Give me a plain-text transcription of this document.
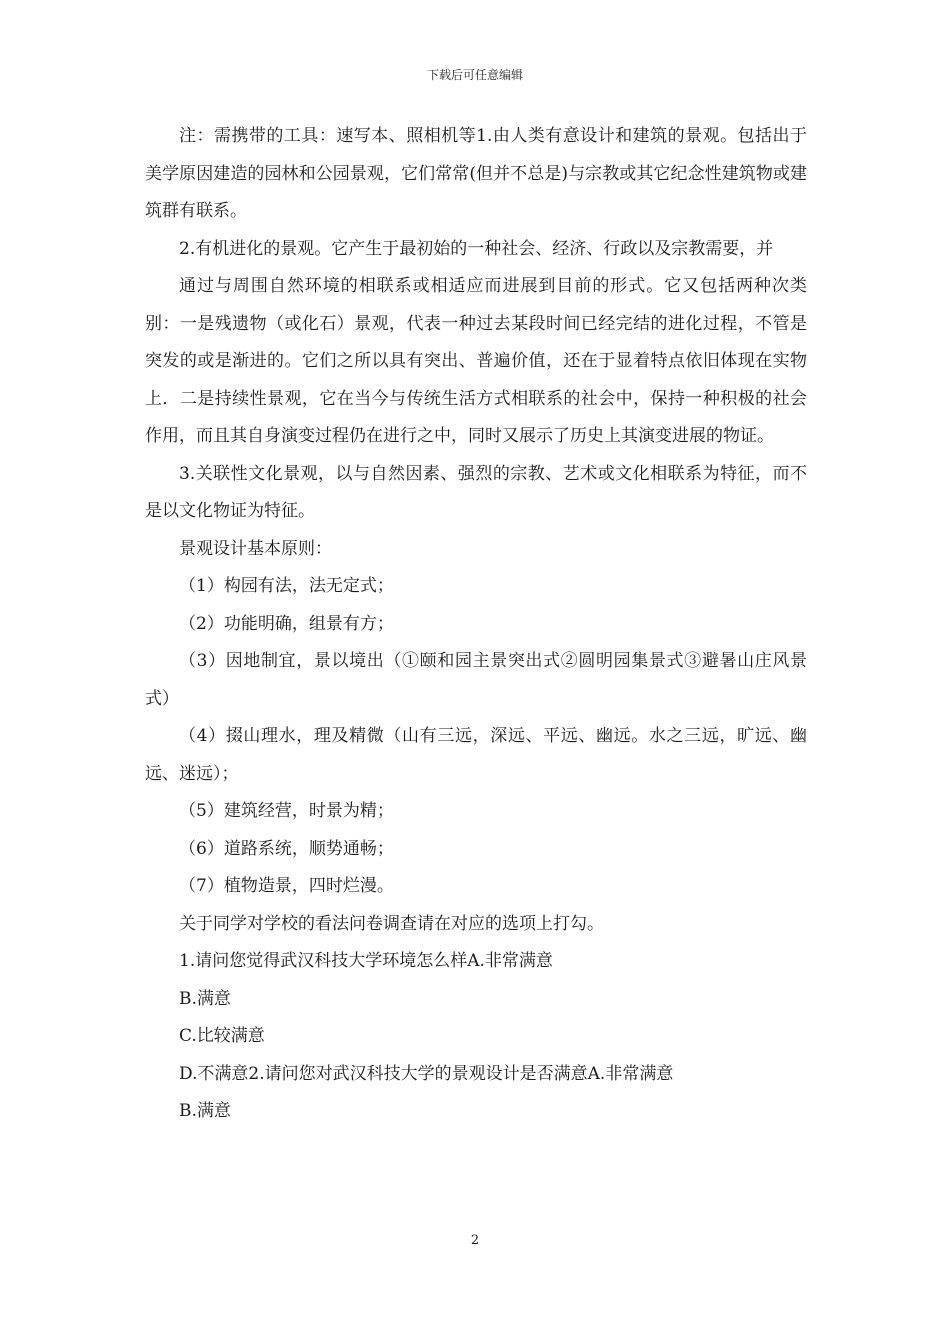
下载后可任意编辑

注：需携带的工具：速写本、照相机等1.由人类有意设计和建筑的景观。包括出于美学原因建造的园林和公园景观，它们常常(但并不总是)与宗教或其它纪念性建筑物或建筑群有联系。

2.有机进化的景观。它产生于最初始的一种社会、经济、行政以及宗教需要，并

通过与周围自然环境的相联系或相适应而进展到目前的形式。它又包括两种次类别：一是残遗物（或化石）景观，代表一种过去某段时间已经完结的进化过程，不管是突发的或是渐进的。它们之所以具有突出、普遍价值，还在于显着特点依旧体现在实物上．二是持续性景观，它在当今与传统生活方式相联系的社会中，保持一种积极的社会作用，而且其自身演变过程仍在进行之中，同时又展示了历史上其演变进展的物证。

3.关联性文化景观，以与自然因素、强烈的宗教、艺术或文化相联系为特征，而不是以文化物证为特征。

景观设计基本原则：

（1）构园有法，法无定式；

（2）功能明确，组景有方；

（3）因地制宜，景以境出（①颐和园主景突出式②圆明园集景式③避暑山庄风景式）

（4）掇山理水，理及精微（山有三远，深远、平远、幽远。水之三远，旷远、幽远、迷远）；

（5）建筑经营，时景为精；

（6）道路系统，顺势通畅；

（7）植物造景，四时烂漫。

关于同学对学校的看法问卷调查请在对应的选项上打勾。

1.请问您觉得武汉科技大学环境怎么样A.非常满意

B.满意

C.比较满意

D.不满意2.请问您对武汉科技大学的景观设计是否满意A.非常满意

B.满意

2
